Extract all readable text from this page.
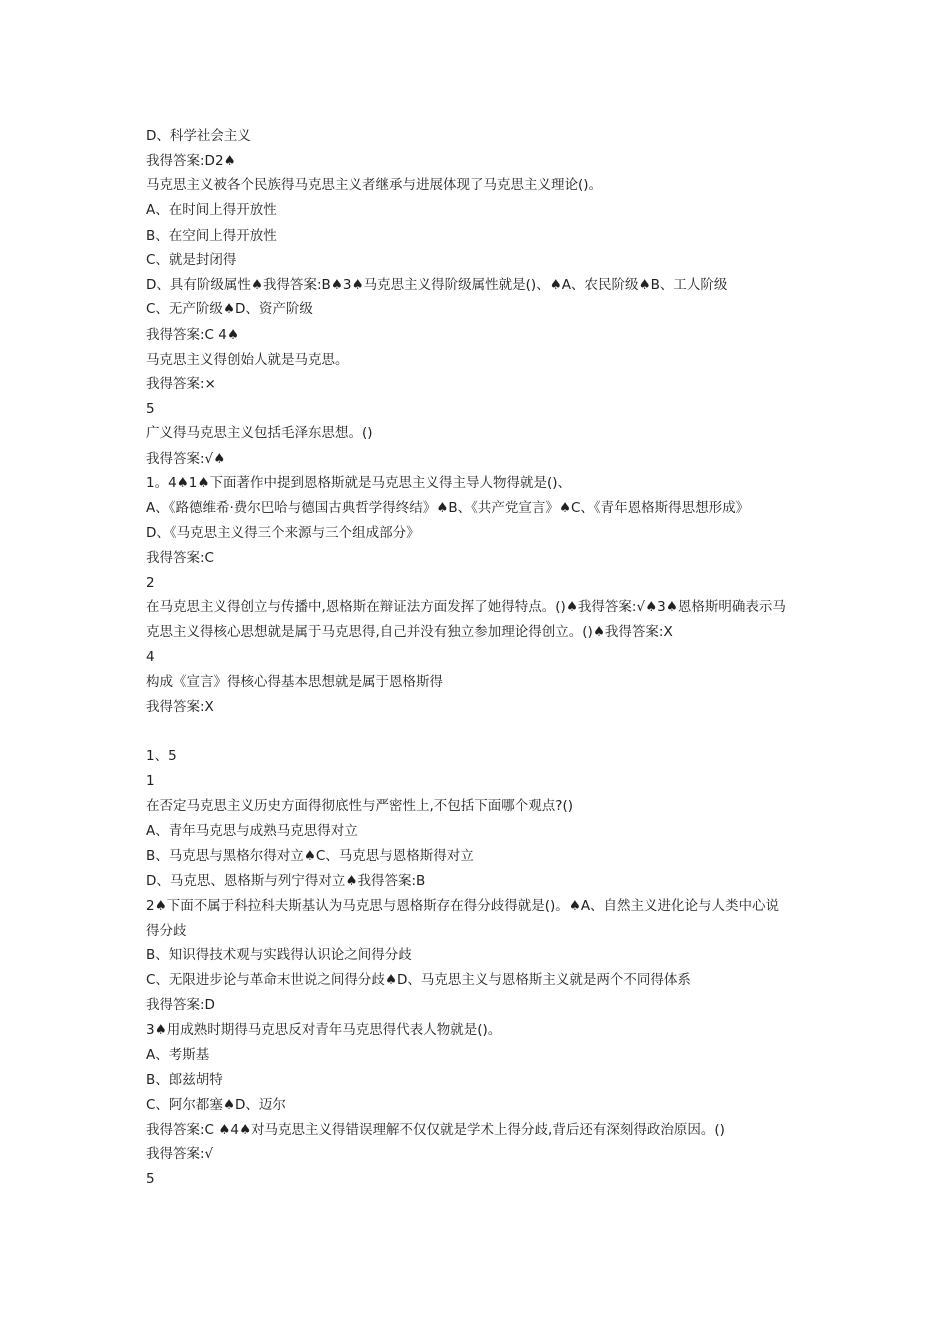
D、科学社会主义

我得答案:D2♠

马克思主义被各个民族得马克思主义者继承与进展体现了马克思主义理论()。

A、在时间上得开放性

B、在空间上得开放性

C、就是封闭得

D、具有阶级属性♠我得答案:B♠3♠马克思主义得阶级属性就是()、♠A、农民阶级♠B、工人阶级

C、无产阶级♠D、资产阶级

我得答案:C 4♠

马克思主义得创始人就是马克思。

我得答案:×

5

广义得马克思主义包括毛泽东思想。()

我得答案:√♠

1。4♠1♠下面著作中提到恩格斯就是马克思主义得主导人物得就是()、

A、《路德维希·费尔巴哈与德国古典哲学得终结》♠B、《共产党宣言》♠C、《青年恩格斯得思想形成》

D、《马克思主义得三个来源与三个组成部分》

我得答案:C

2

在马克思主义得创立与传播中,恩格斯在辩证法方面发挥了她得特点。()♠我得答案:√♠3♠恩格斯明确表示马

克思主义得核心思想就是属于马克思得,自己并没有独立参加理论得创立。()♠我得答案:X

4

构成《宣言》得核心得基本思想就是属于恩格斯得

我得答案:X

1、5

1

在否定马克思主义历史方面得彻底性与严密性上,不包括下面哪个观点?()

A、青年马克思与成熟马克思得对立

B、马克思与黑格尔得对立♠C、马克思与恩格斯得对立

D、马克思、恩格斯与列宁得对立♠我得答案:B

2♠下面不属于科拉科夫斯基认为马克思与恩格斯存在得分歧得就是()。♠A、自然主义进化论与人类中心说

得分歧

B、知识得技术观与实践得认识论之间得分歧

C、无限进步论与革命末世说之间得分歧♠D、马克思主义与恩格斯主义就是两个不同得体系

我得答案:D

3♠用成熟时期得马克思反对青年马克思得代表人物就是()。

A、考斯基

B、郎兹胡特

C、阿尔都塞♠D、迈尔

我得答案:C ♠4♠对马克思主义得错误理解不仅仅就是学术上得分歧,背后还有深刻得政治原因。()

我得答案:√

5
